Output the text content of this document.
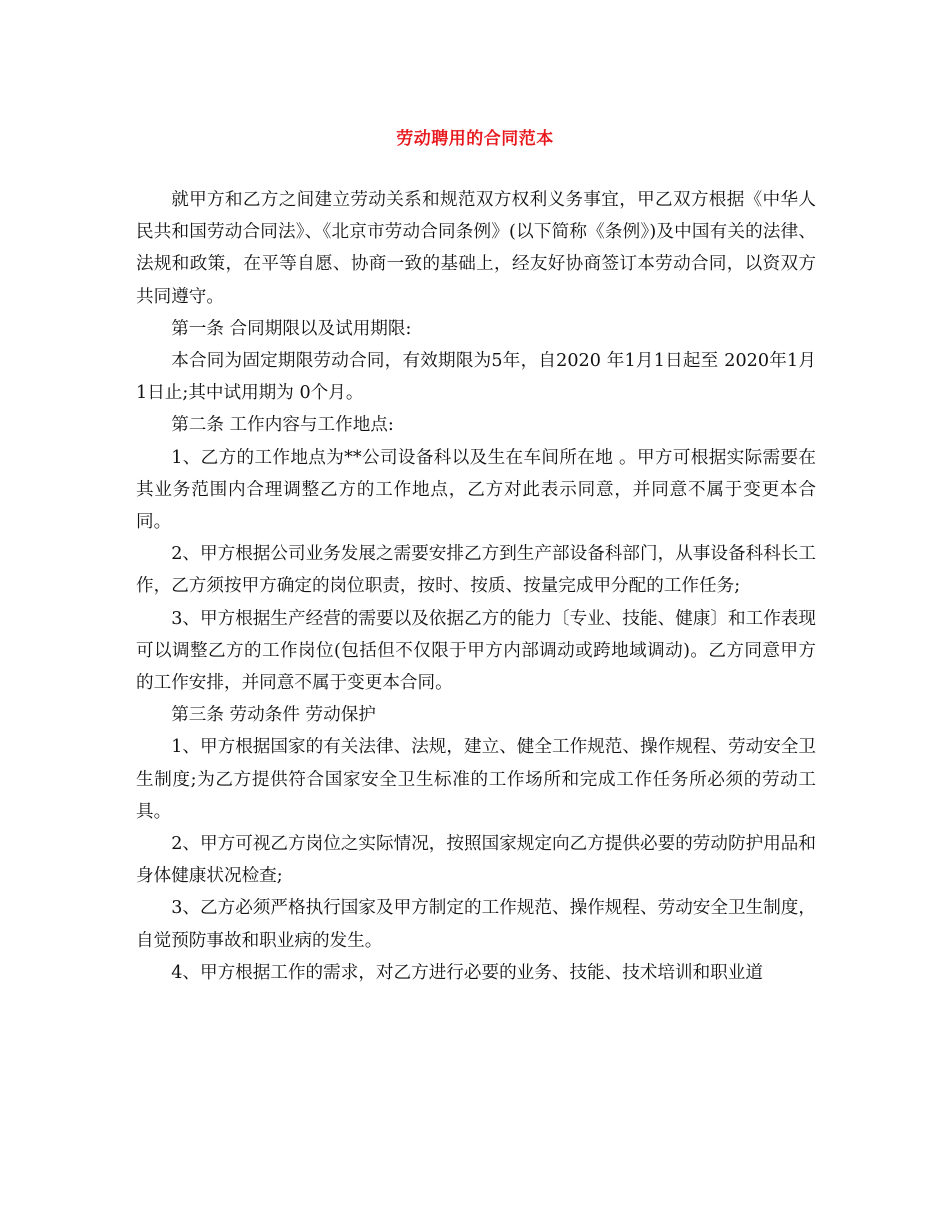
劳动聘用的合同范本

就甲方和乙方之间建立劳动关系和规范双方权利义务事宜，甲乙双方根据《中华人民共和国劳动合同法》、《北京市劳动合同条例》(以下简称《条例》)及中国有关的法律、法规和政策，在平等自愿、协商一致的基础上，经友好协商签订本劳动合同，以资双方共同遵守。

第一条 合同期限以及试用期限:

本合同为固定期限劳动合同，有效期限为5年，自2020 年1月1日起至 2020年1月1日止;其中试用期为 0个月。

第二条 工作内容与工作地点:

1、乙方的工作地点为**公司设备科以及生在车间所在地 。甲方可根据实际需要在其业务范围内合理调整乙方的工作地点，乙方对此表示同意，并同意不属于变更本合同。

2、甲方根据公司业务发展之需要安排乙方到生产部设备科部门，从事设备科科长工作，乙方须按甲方确定的岗位职责，按时、按质、按量完成甲分配的工作任务;

3、甲方根据生产经营的需要以及依据乙方的能力〔专业、技能、健康〕和工作表现可以调整乙方的工作岗位(包括但不仅限于甲方内部调动或跨地域调动)。乙方同意甲方的工作安排，并同意不属于变更本合同。

第三条 劳动条件 劳动保护

1、甲方根据国家的有关法律、法规，建立、健全工作规范、操作规程、劳动安全卫生制度;为乙方提供符合国家安全卫生标准的工作场所和完成工作任务所必须的劳动工具。

2、甲方可视乙方岗位之实际情况，按照国家规定向乙方提供必要的劳动防护用品和身体健康状况检查;

3、乙方必须严格执行国家及甲方制定的工作规范、操作规程、劳动安全卫生制度，自觉预防事故和职业病的发生。

4、甲方根据工作的需求，对乙方进行必要的业务、技能、技术培训和职业道
